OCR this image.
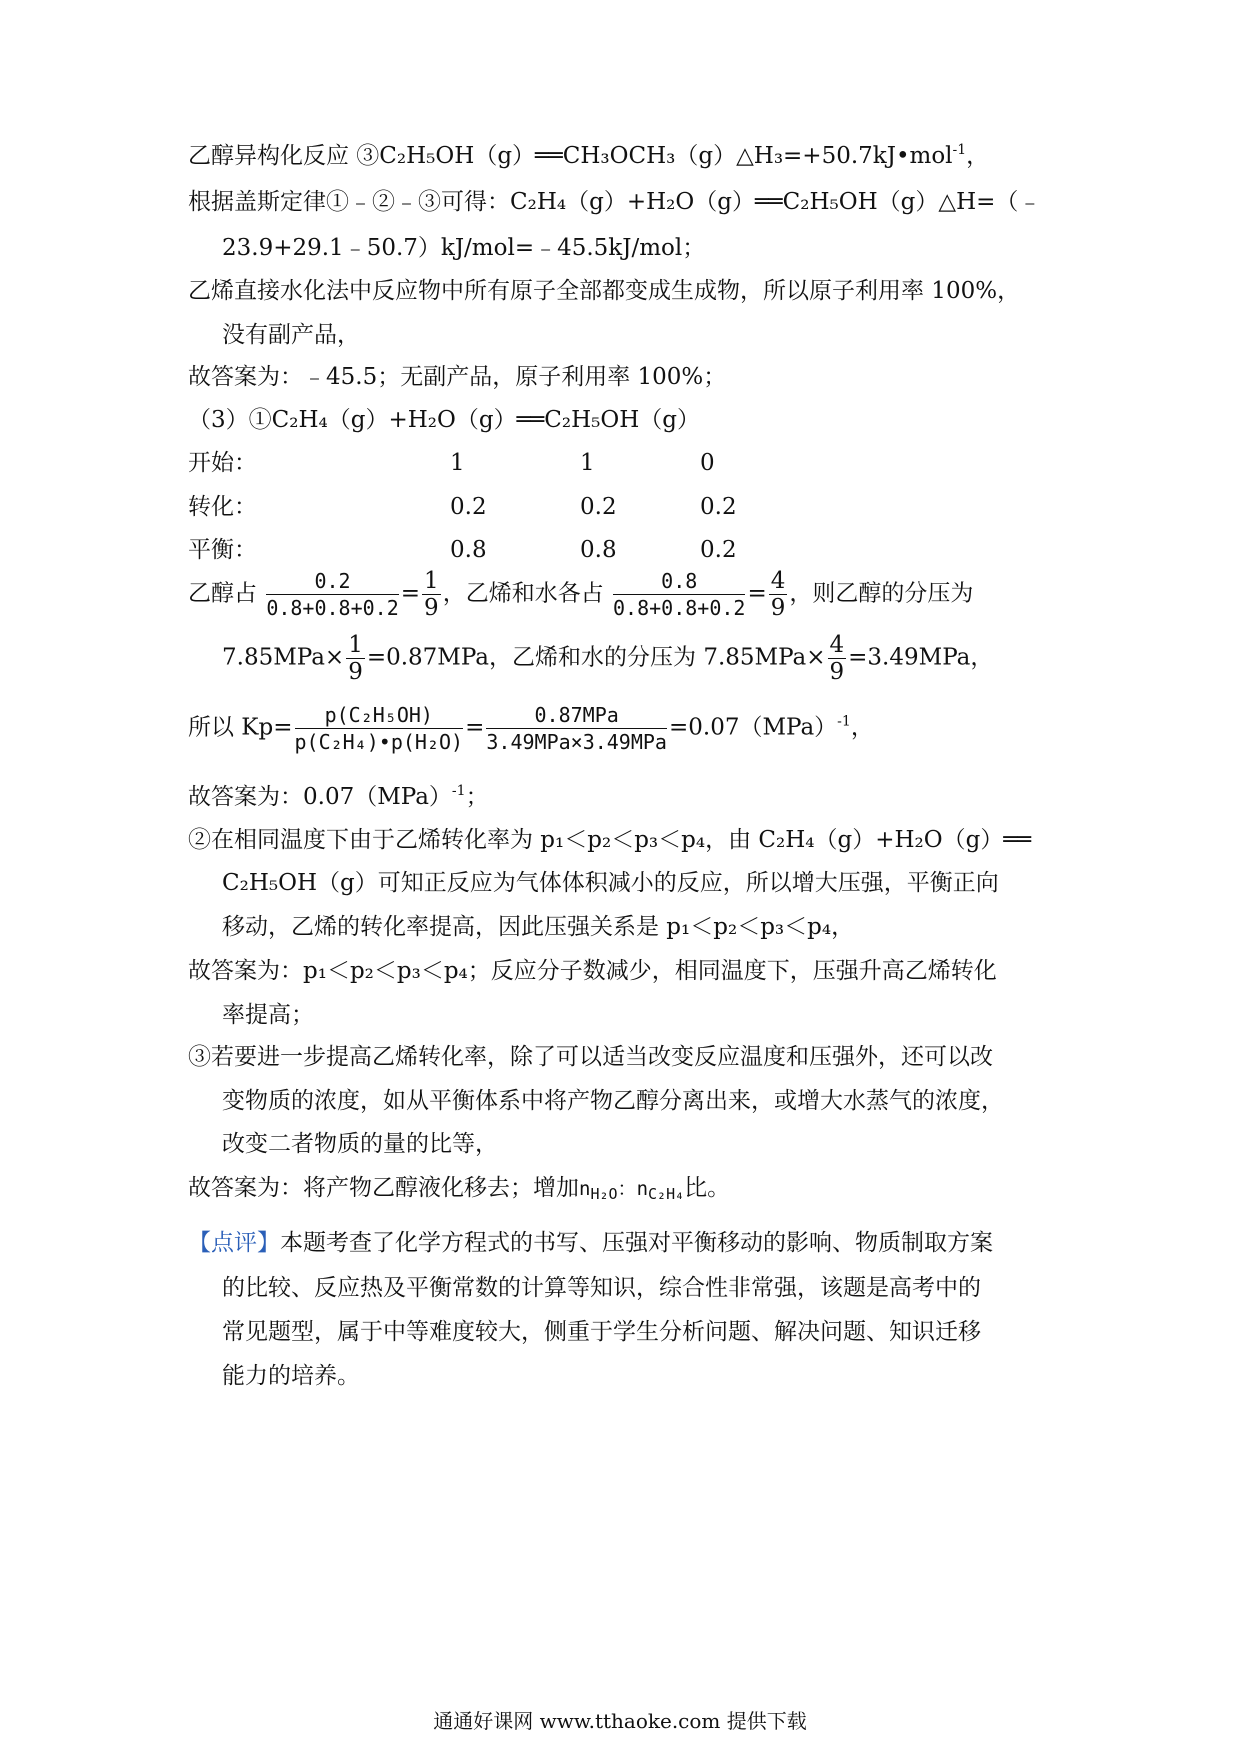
乙醇异构化反应 ③C₂H₅OH（g）══CH₃OCH₃（g）△H₃=+50.7kJ•mol$^{-1}$，
根据盖斯定律①﹣②﹣③可得：C₂H₄（g）+H₂O（g）══C₂H₅OH（g）△H=（﹣
23.9+29.1﹣50.7）kJ/mol=﹣45.5kJ/mol；
乙烯直接水化法中反应物中所有原子全部都变成生成物，所以原子利用率 100%，
没有副产品，
故答案为：﹣45.5；无副产品，原子利用率 100%；
（3）①C₂H₄（g）+H₂O（g）══C₂H₅OH（g）
开始：	1	1	0
转化：	0.2	0.2	0.2
平衡：	0.8	0.8	0.2
乙醇占 $\frac{0.2}{0.8+0.8+0.2} = \frac{1}{9}$ ，乙烯和水各占 $\frac{0.8}{0.8+0.8+0.2} = \frac{4}{9}$ ，则乙醇的分压为
$7.85MPa\times \frac{1}{9} =0.87MPa$，乙烯和水的分压为 $7.85MPa\times \frac{4}{9} =3.49MPa$，
所以 $Kp= \frac{\text{p(C₂H₅OH)}}{\text{p(C₂H₄)•p(H₂O)}} = \frac{\text{0.87MPa}}{\text{3.49MPa×3.49MPa}} =0.07(MPa)^{-1}$，
故答案为：0.07（MPa）$^{-1}$；
②在相同温度下由于乙烯转化率为 p₁＜p₂＜p₃＜p₄，由 C₂H₄（g）+H₂O（g）══
C₂H₅OH（g）可知正反应为气体体积减小的反应，所以增大压强，平衡正向
移动，乙烯的转化率提高，因此压强关系是 p₁＜p₂＜p₃＜p₄，
故答案为：p₁＜p₂＜p₃＜p₄；反应分子数减少，相同温度下，压强升高乙烯转化
率提高；
③若要进一步提高乙烯转化率，除了可以适当改变反应温度和压强外，还可以改
变物质的浓度，如从平衡体系中将产物乙醇分离出来，或增大水蒸气的浓度，
改变二者物质的量的比等，
故答案为：将产物乙醇液化移去；增加$n_{H_2O}$：$n_{C_2H_4}$比。
【点评】本题考查了化学方程式的书写、压强对平衡移动的影响、物质制取方案
的比较、反应热及平衡常数的计算等知识，综合性非常强，该题是高考中的
常见题型，属于中等难度较大，侧重于学生分析问题、解决问题、知识迁移
能力的培养。
通通好课网 www.tthaoke.com 提供下载
